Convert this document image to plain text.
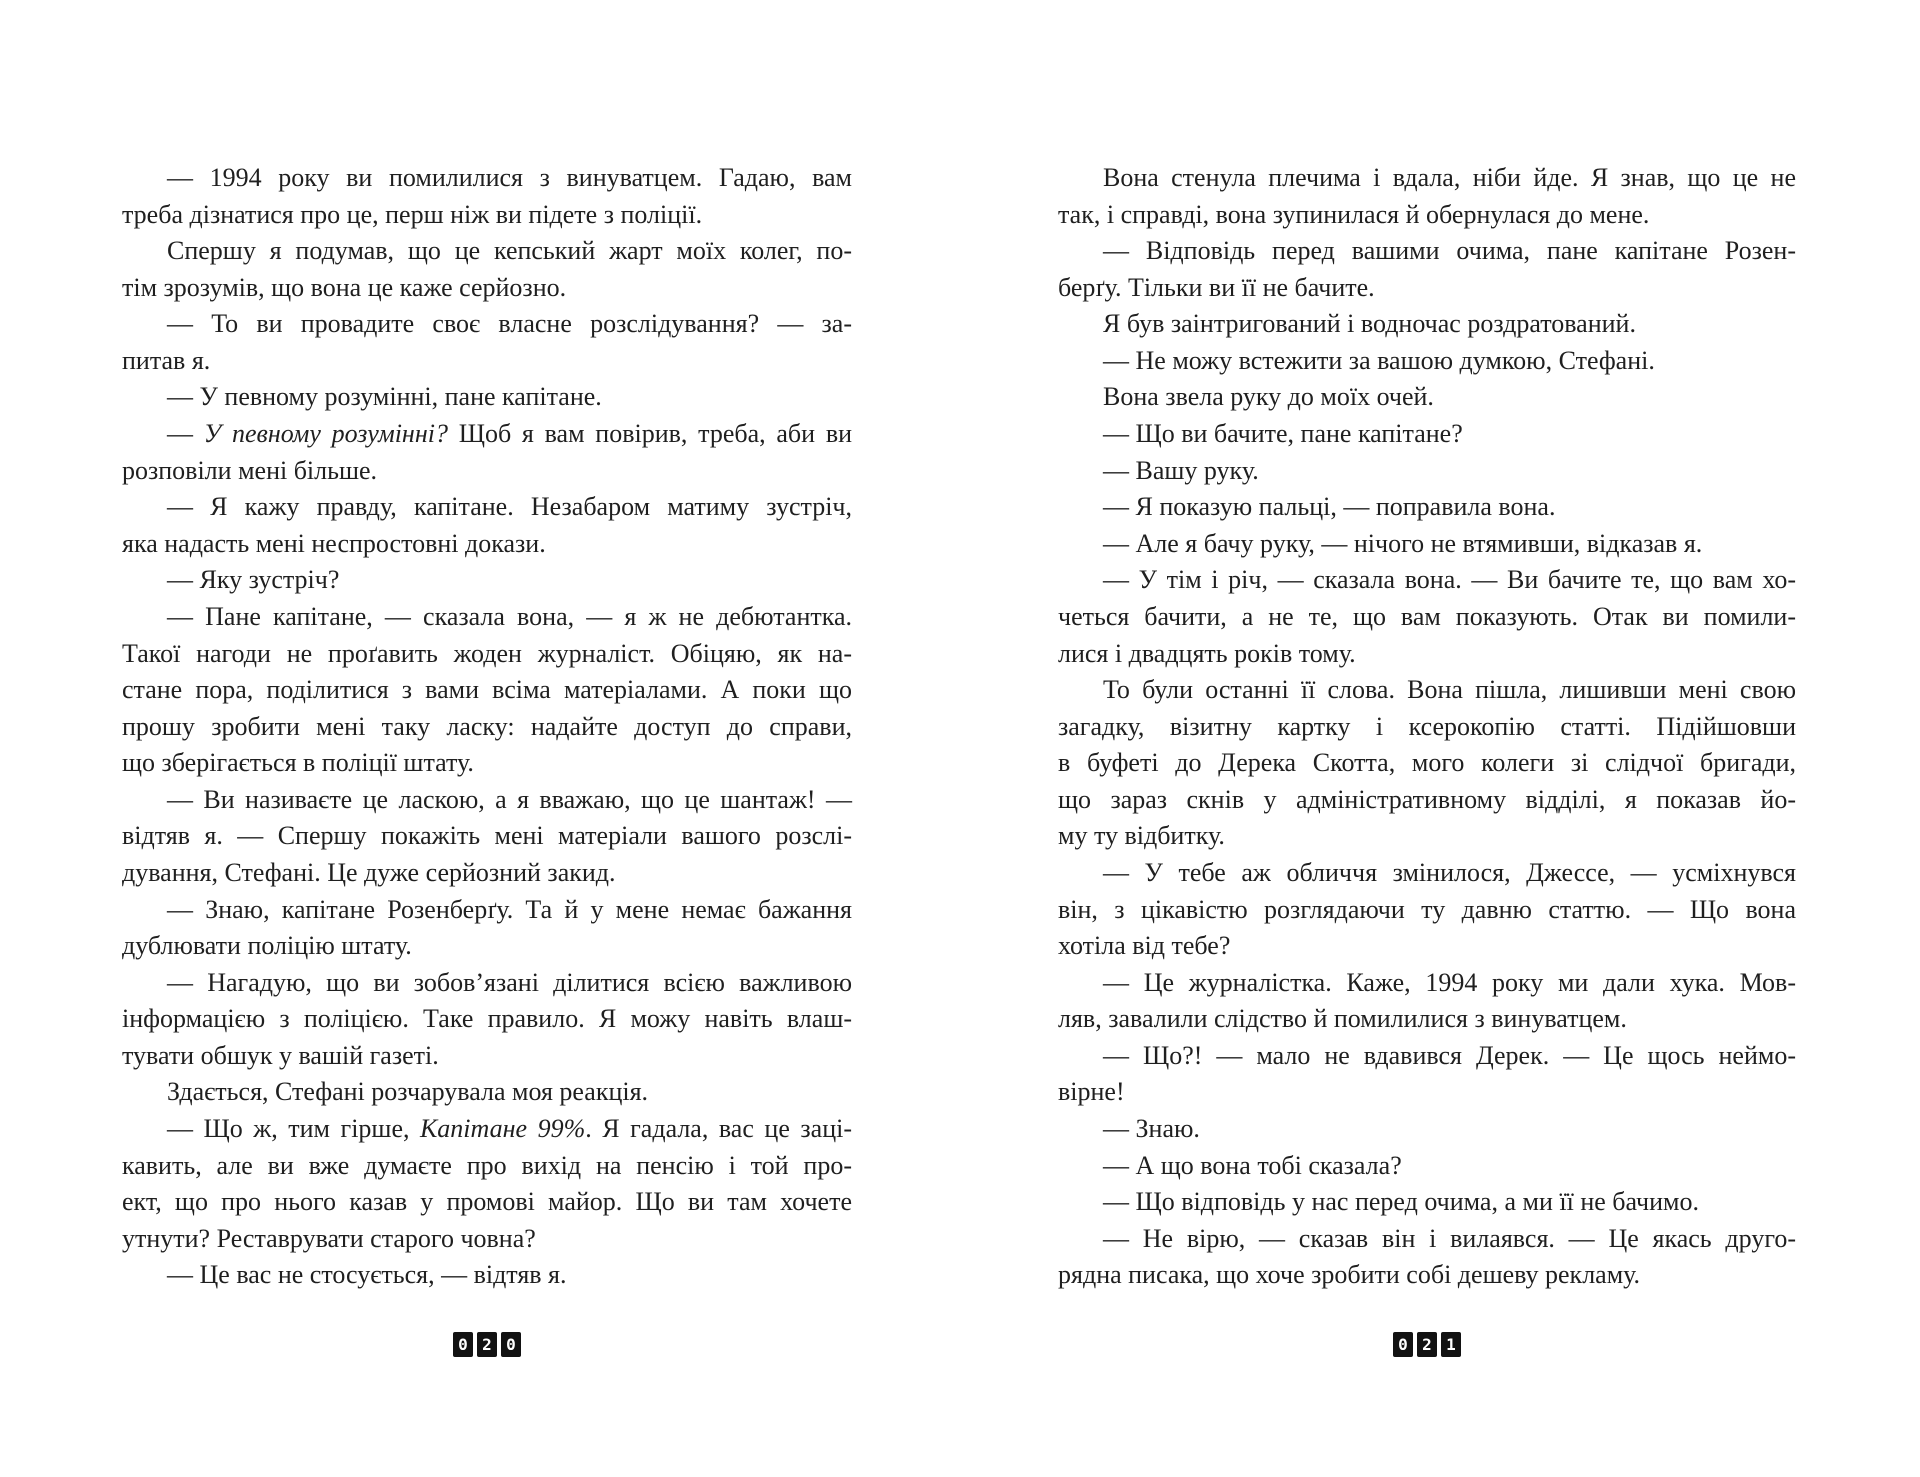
— 1994 року ви помилилися з винуватцем. Гадаю, вам
треба дізнатися про це, перш ніж ви підете з поліції.
Спершу я подумав, що це кепський жарт моїх колег, по-
тім зрозумів, що вона це каже серйозно.
— То ви провадите своє власне розслідування? — за-
питав я.
— У певному розумінні, пане капітане.
— У певному розумінні? Щоб я вам повірив, треба, аби ви
розповіли мені більше.
— Я кажу правду, капітане. Незабаром матиму зустріч,
яка надасть мені неспростовні докази.
— Яку зустріч?
— Пане капітане, — сказала вона, — я ж не дебютантка.
Такої нагоди не проґавить жоден журналіст. Обіцяю, як на-
стане пора, поділитися з вами всіма матеріалами. А поки що
прошу зробити мені таку ласку: надайте доступ до справи,
що зберігається в поліції штату.
— Ви називаєте це ласкою, а я вважаю, що це шантаж! —
відтяв я. — Спершу покажіть мені матеріали вашого розслі-
дування, Стефані. Це дуже серйозний закид.
— Знаю, капітане Розенберґу. Та й у мене немає бажання
дублювати поліцію штату.
— Нагадую, що ви зобов’язані ділитися всією важливою
інформацією з поліцією. Таке правило. Я можу навіть влаш-
тувати обшук у вашій газеті.
Здається, Стефані розчарувала моя реакція.
— Що ж, тим гірше, Капітане 99%. Я гадала, вас це заці-
кавить, але ви вже думаєте про вихід на пенсію і той про-
ект, що про нього казав у промові майор. Що ви там хочете
утнути? Реставрувати старого човна?
— Це вас не стосується, — відтяв я.
0 2 0
Вона стенула плечима і вдала, ніби йде. Я знав, що це не
так, і справді, вона зупинилася й обернулася до мене.
— Відповідь перед вашими очима, пане капітане Розен-
берґу. Тільки ви її не бачите.
Я був заінтригований і водночас роздратований.
— Не можу встежити за вашою думкою, Стефані.
Вона звела руку до моїх очей.
— Що ви бачите, пане капітане?
— Вашу руку.
— Я показую пальці, — поправила вона.
— Але я бачу руку, — нічого не втямивши, відказав я.
— У тім і річ, — сказала вона. — Ви бачите те, що вам хо-
четься бачити, а не те, що вам показують. Отак ви помили-
лися і двадцять років тому.
То були останні її слова. Вона пішла, лишивши мені свою
загадку, візитну картку і ксерокопію статті. Підійшовши
в буфеті до Дерека Скотта, мого колеги зі слідчої бригади,
що зараз скнів у адміністративному відділі, я показав йо-
му ту відбитку.
— У тебе аж обличчя змінилося, Джессе, — усміхнувся
він, з цікавістю розглядаючи ту давню статтю. — Що вона
хотіла від тебе?
— Це журналістка. Каже, 1994 року ми дали хука. Мов-
ляв, завалили слідство й помилилися з винуватцем.
— Що?! — мало не вдавився Дерек. — Це щось неймо-
вірне!
— Знаю.
— А що вона тобі сказала?
— Що відповідь у нас перед очима, а ми її не бачимо.
— Не вірю, — сказав він і вилаявся. — Це якась друго-
рядна писака, що хоче зробити собі дешеву рекламу.
0 2 1
